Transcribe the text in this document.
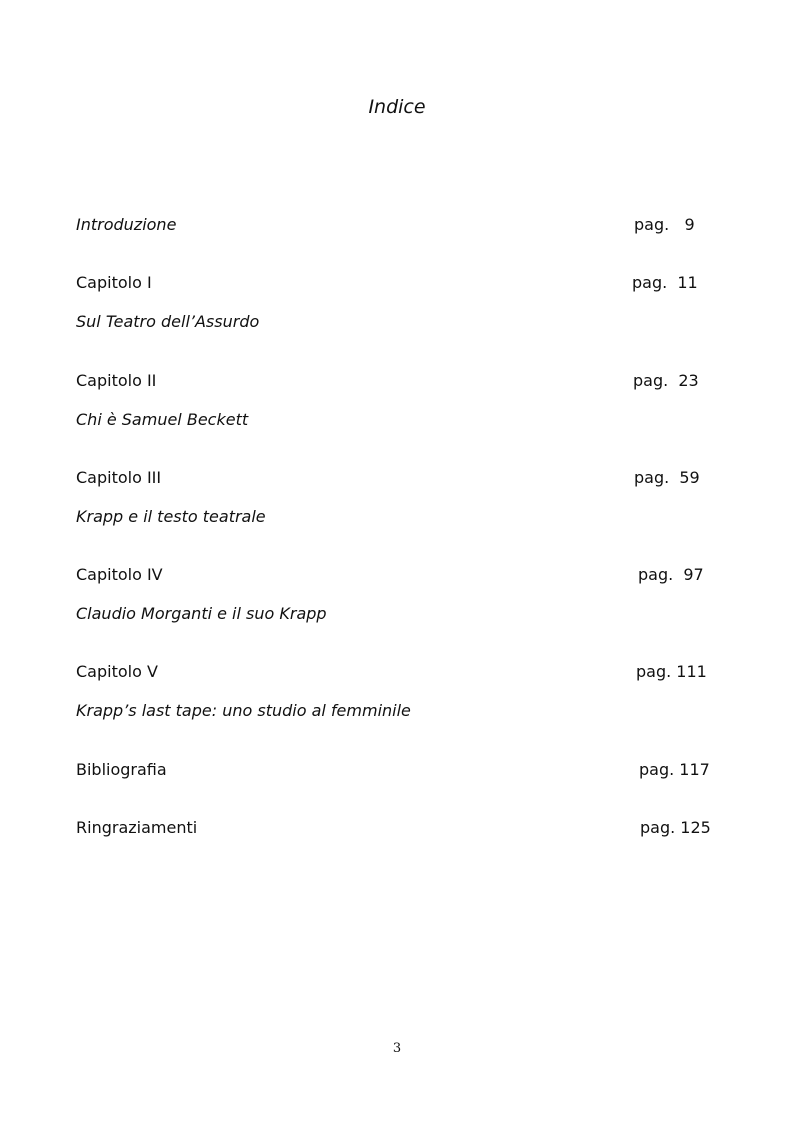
Indice
Introduzione	pag.   9
Capitolo I	pag.  11
Sul Teatro dell’Assurdo
Capitolo II	pag.  23
Chi è Samuel Beckett
Capitolo III	pag.  59
Krapp e il testo teatrale
Capitolo IV	pag.  97
Claudio Morganti e il suo Krapp
Capitolo V	pag. 111
Krapp’s last tape: uno studio al femminile
Bibliografia	pag. 117
Ringraziamenti	pag. 125
3
